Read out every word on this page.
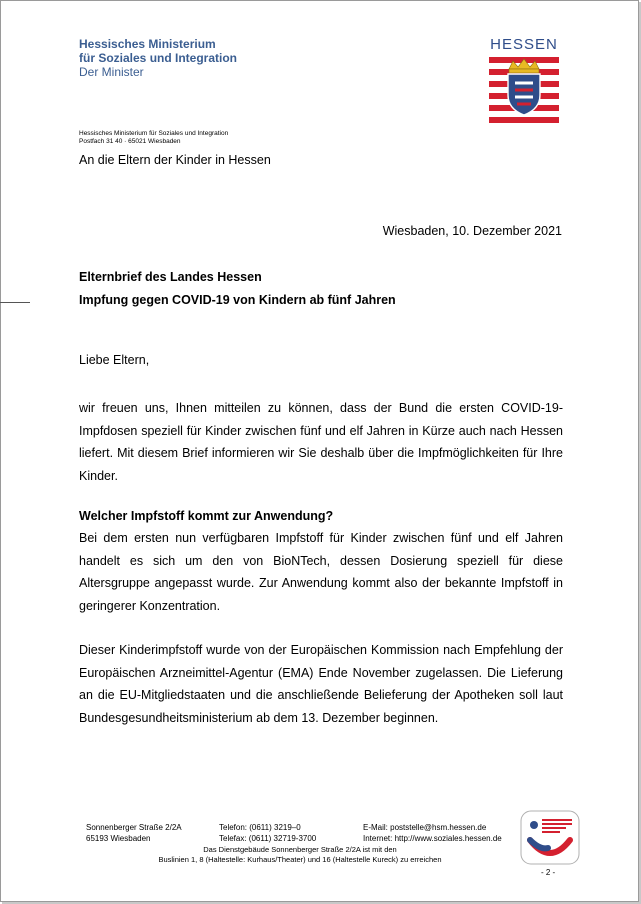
Hessisches Ministerium
für Soziales und Integration
Der Minister
HESSEN
Hessisches Ministerium für Soziales und Integration
Postfach 31 40 · 65021 Wiesbaden
An die Eltern der Kinder in Hessen
Wiesbaden, 10. Dezember 2021
Elternbrief des Landes Hessen
Impfung gegen COVID-19 von Kindern ab fünf Jahren
Liebe Eltern,

wir freuen uns, Ihnen mitteilen zu können, dass der Bund die ersten COVID-19-Impfdosen speziell für Kinder zwischen fünf und elf Jahren in Kürze auch nach Hessen liefert. Mit diesem Brief informieren wir Sie deshalb über die Impfmöglichkeiten für Ihre Kinder.

Welcher Impfstoff kommt zur Anwendung?

Bei dem ersten nun verfügbaren Impfstoff für Kinder zwischen fünf und elf Jahren handelt es sich um den von BioNTech, dessen Dosierung speziell für diese Altersgruppe angepasst wurde. Zur Anwendung kommt also der bekannte Impfstoff in geringerer Konzentration.

Dieser Kinderimpfstoff wurde von der Europäischen Kommission nach Empfehlung der Europäischen Arzneimittel-Agentur (EMA) Ende November zugelassen. Die Lieferung an die EU-Mitgliedstaaten und die anschließende Belieferung der Apotheken soll laut Bundesgesundheitsministerium ab dem 13. Dezember beginnen.

Sonnenberger Straße 2/2A
65193 Wiesbaden
Telefon: (0611) 3219–0
Telefax: (0611) 32719-3700
E-Mail: poststelle@hsm.hessen.de
Internet: http://www.soziales.hessen.de
Das Dienstgebäude Sonnenberger Straße 2/2A ist mit den
Buslinien 1, 8 (Haltestelle: Kurhaus/Theater) und 16 (Haltestelle Kureck) zu erreichen
- 2 -
